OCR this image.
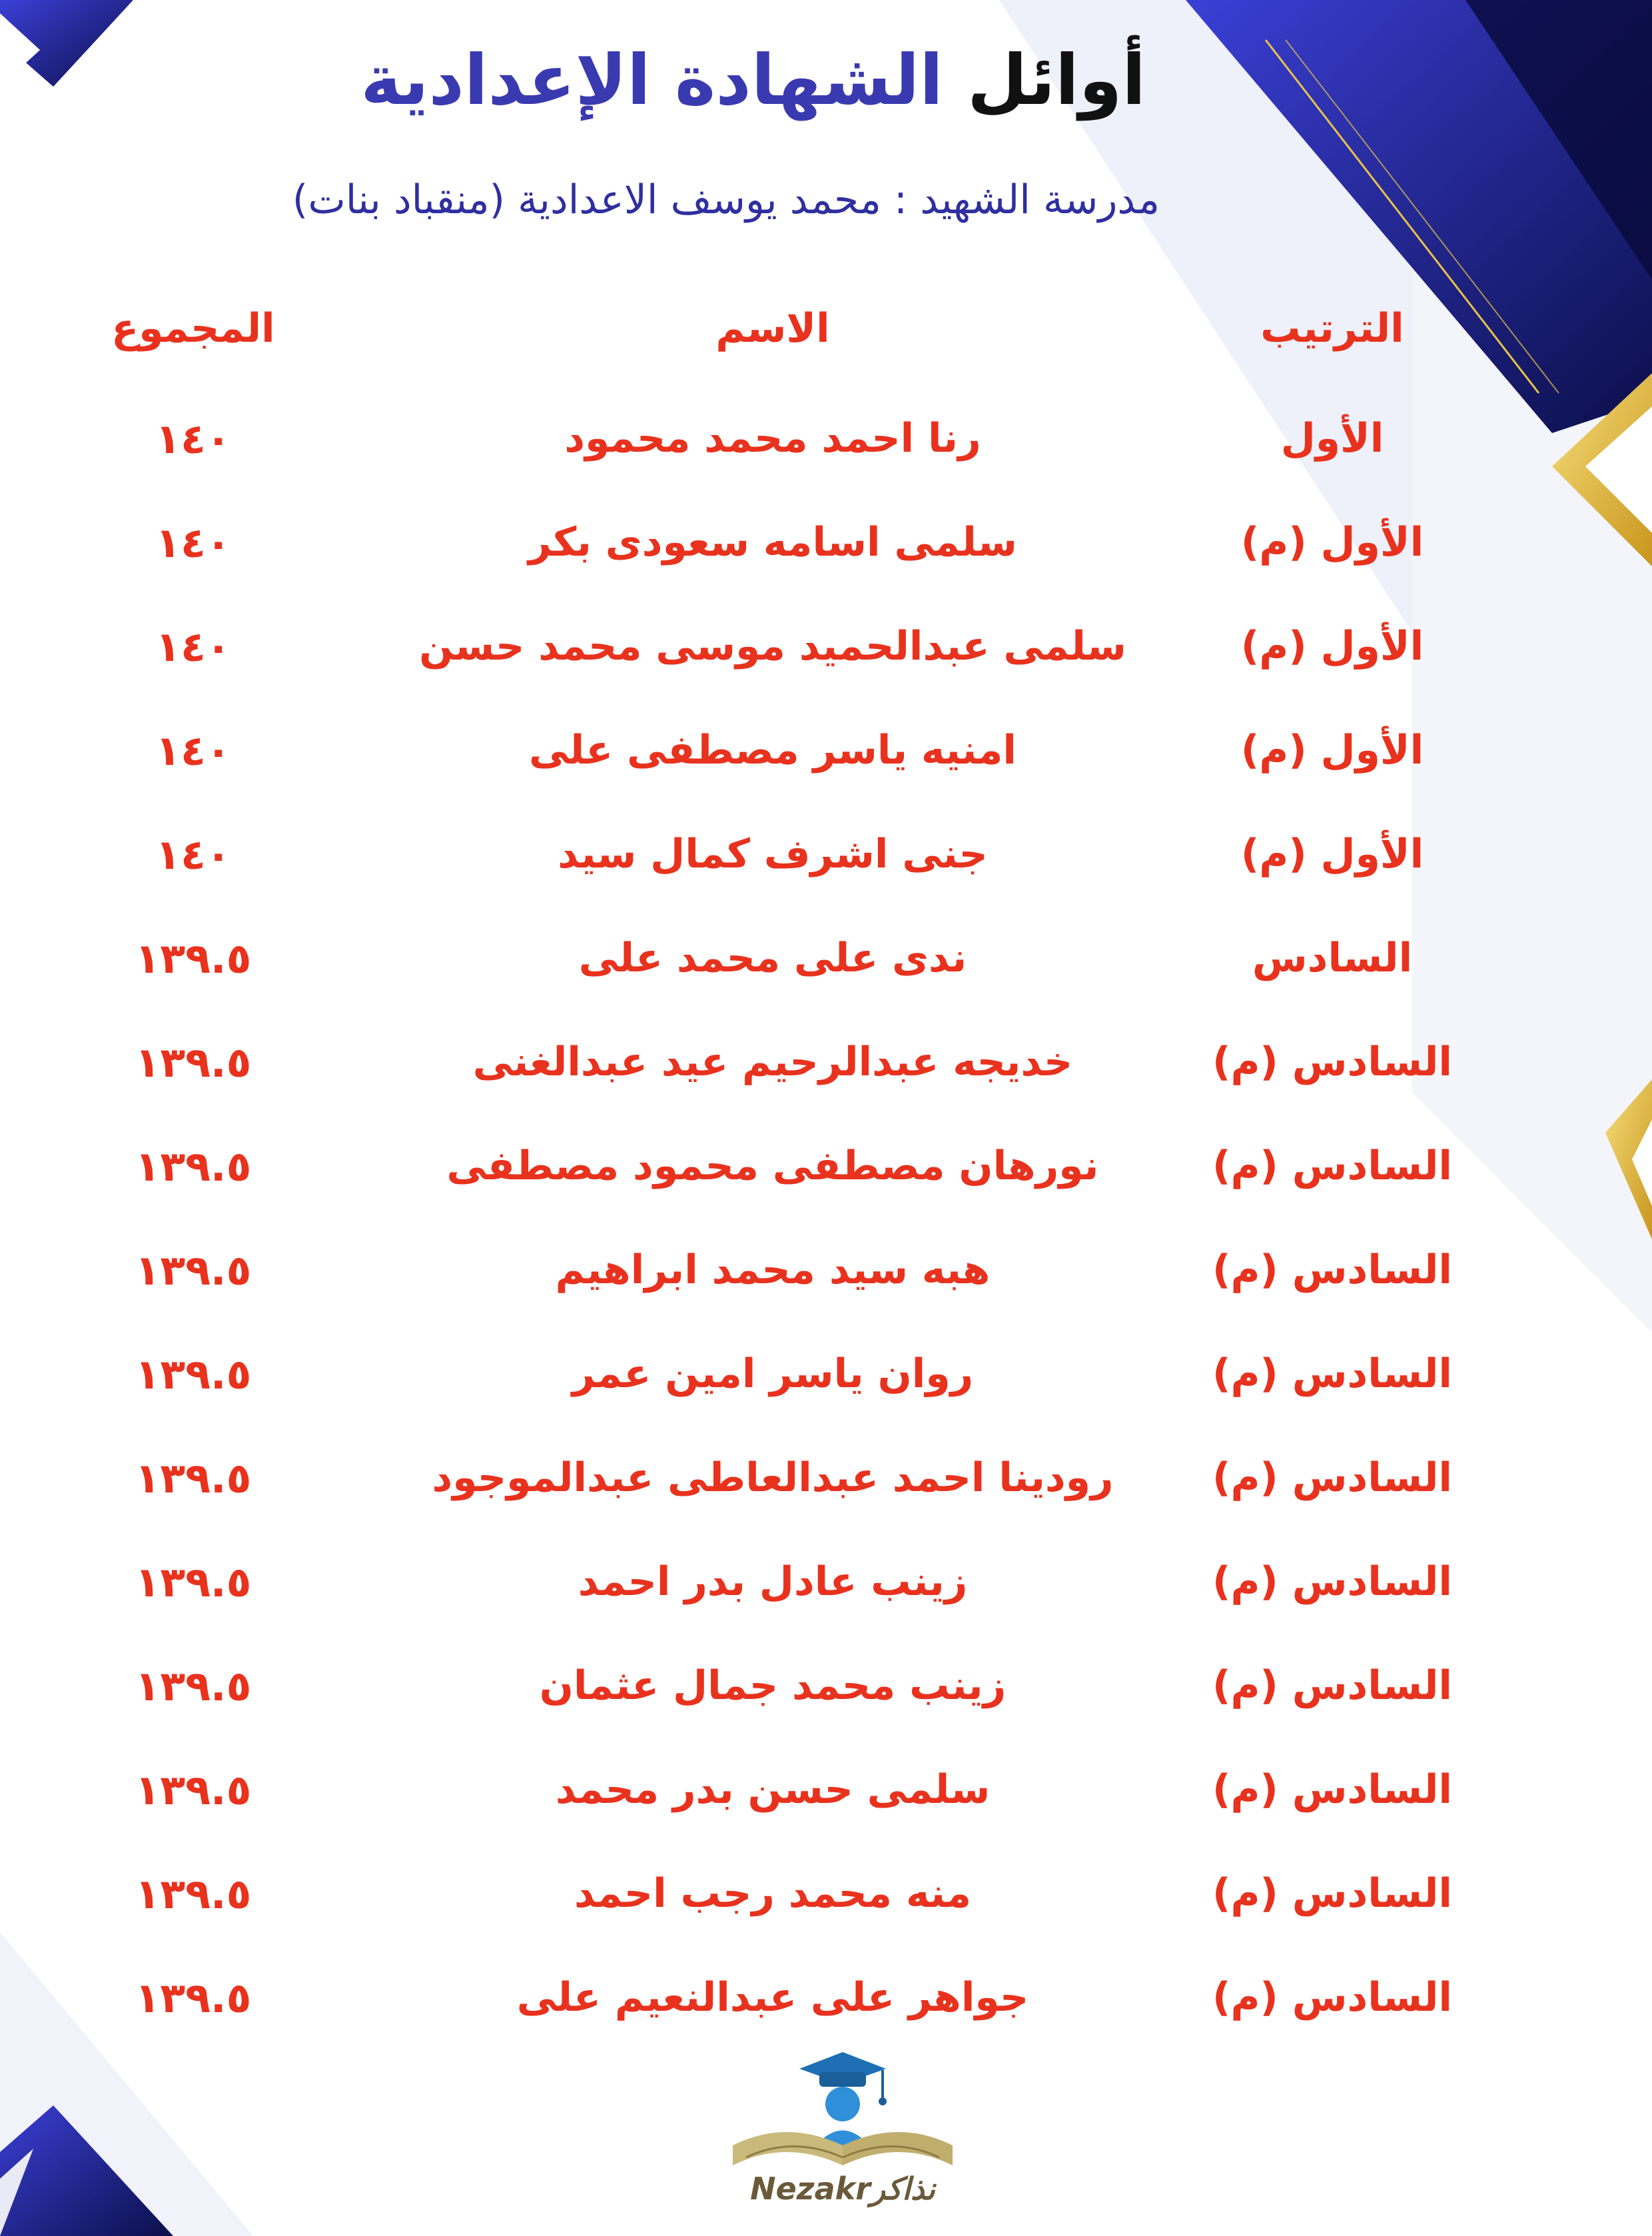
أوائل الشهادة الإعدادية
مدرسة الشهيد : محمد يوسف الاعدادية (منقباد بنات)
الترتيب
الاسم
المجموع
الأول
رنا احمد محمد محمود
١٤٠
الأول (م)
سلمى اسامه سعودى بكر
١٤٠
الأول (م)
سلمى عبدالحميد موسى محمد حسن
١٤٠
الأول (م)
امنيه ياسر مصطفى على
١٤٠
الأول (م)
جنى اشرف كمال سيد
١٤٠
السادس
ندى على محمد على
١٣٩.٥
السادس (م)
خديجه عبدالرحيم عيد عبدالغنى
١٣٩.٥
السادس (م)
نورهان مصطفى محمود مصطفى
١٣٩.٥
السادس (م)
هبه سيد محمد ابراهيم
١٣٩.٥
السادس (م)
روان ياسر امين عمر
١٣٩.٥
السادس (م)
رودينا احمد عبدالعاطى عبدالموجود
١٣٩.٥
السادس (م)
زينب عادل بدر احمد
١٣٩.٥
السادس (م)
زينب محمد جمال عثمان
١٣٩.٥
السادس (م)
سلمى حسن بدر محمد
١٣٩.٥
السادس (م)
منه محمد رجب احمد
١٣٩.٥
السادس (م)
جواهر على عبدالنعيم على
١٣٩.٥
Nezakrنذاكر
